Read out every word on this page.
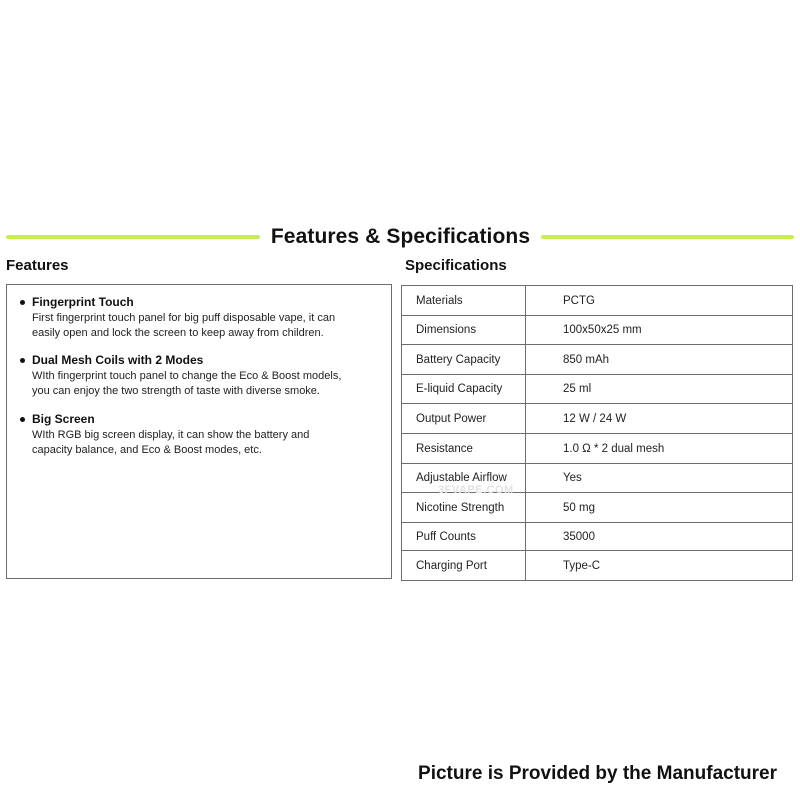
Features & Specifications
Features	Specifications
Fingerprint Touch
First fingerprint touch panel for big puff disposable vape, it can
easily open and lock the screen to keep away from children.
Dual Mesh Coils with 2 Modes
WIth fingerprint touch panel to change the Eco & Boost models,
you can enjoy the two strength of taste with diverse smoke.
Big Screen
WIth RGB big screen display, it can show the battery and
capacity balance, and Eco & Boost modes, etc.
Materials	PCTG
Dimensions	100x50x25 mm
Battery Capacity	850 mAh
E-liquid Capacity	25 ml
Output Power	12 W / 24 W
Resistance	1.0 Ω * 2 dual mesh
Adjustable Airflow	Yes
Nicotine Strength	50 mg
Puff Counts	35000
Charging Port	Type-C
3FVAPE.COM
Picture is Provided by the Manufacturer
